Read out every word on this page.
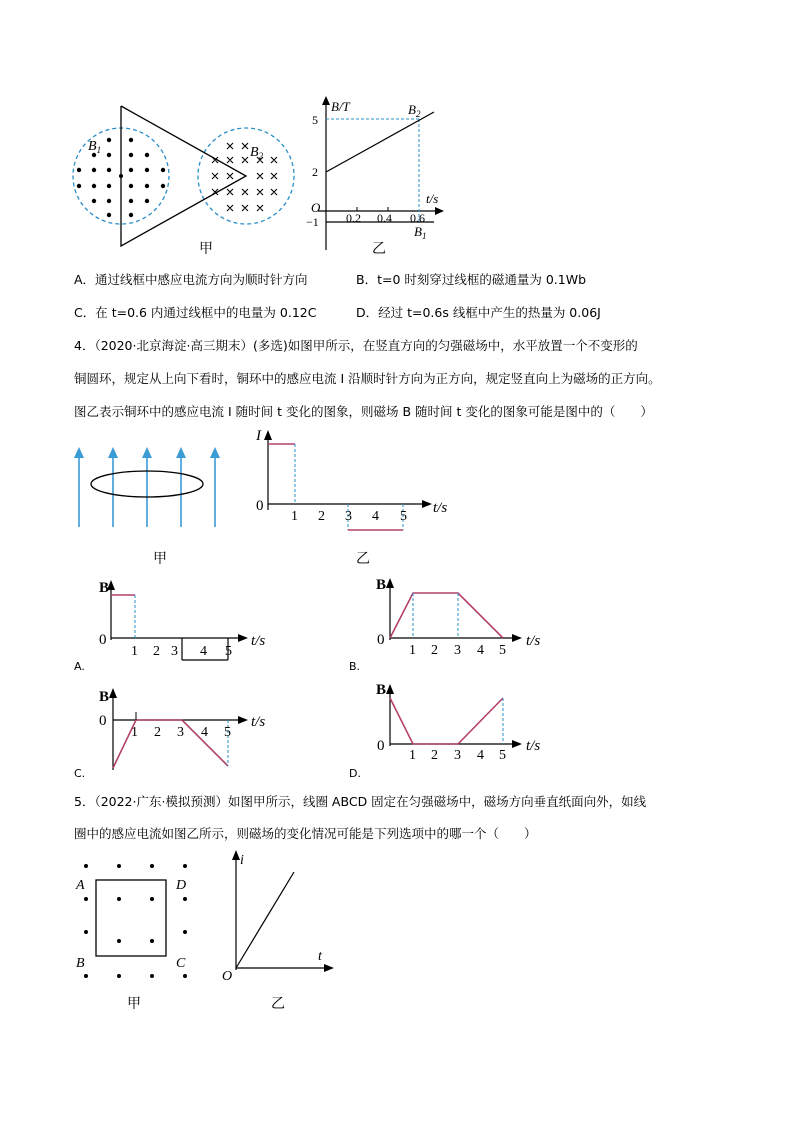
$B_1$	$B_2$
甲
B/T
5
2
−1
O
0.2 0.4 0.6
t/s
$B_2$
$B_1$
乙
A．通过线框中感应电流方向为顺时针方向	B．t=0 时刻穿过线框的磁通量为 0.1Wb
C．在 t=0.6 内通过线框中的电量为 0.12C	D．经过 t=0.6s 线框中产生的热量为 0.06J
4．（2020·北京海淀·高三期末）(多选)如图甲所示，在竖直方向的匀强磁场中，水平放置一个不变形的
铜圆环，规定从上向下看时，铜环中的感应电流 I 沿顺时针方向为正方向，规定竖直向上为磁场的正方向。
图乙表示铜环中的感应电流 I 随时间 t 变化的图象，则磁场 B 随时间 t 变化的图象可能是图中的（　　）
甲
I
0
1 2 3 4 5
t/s
乙
B
0
1 2 3 4 5
t/s
B
0
1 2 3 4 5
t/s
B
0
1 2 3 4 5
t/s
B
0
1 2 3 4 5
t/s
A.	B.
C.	D.
5．（2022·广东·模拟预测）如图甲所示，线圈 ABCD 固定在匀强磁场中，磁场方向垂直纸面向外，如线
圈中的感应电流如图乙所示，则磁场的变化情况可能是下列选项中的哪一个（　　）
A
B	C
D
甲
i
t
O
乙
